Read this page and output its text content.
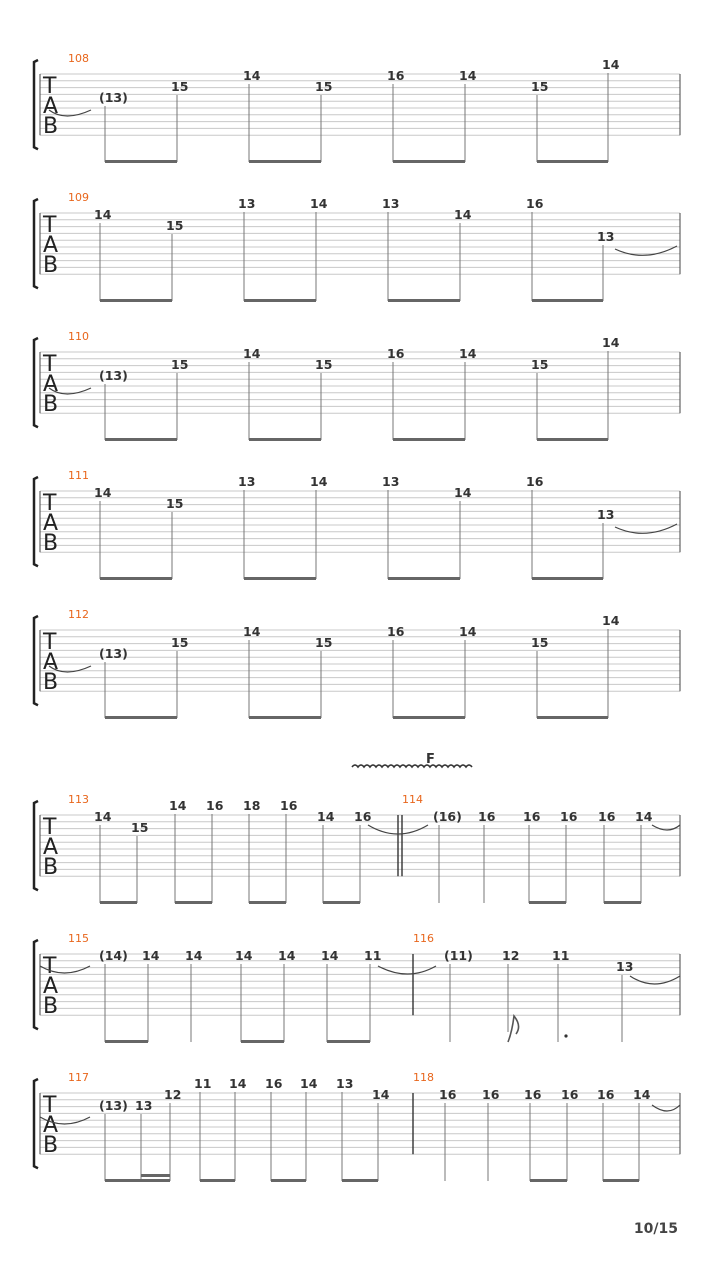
T
A
B
108
(13)
15
14
15
16	14
15
14
T
A
B
109
14
15
13	14	13
14
16
13
T
A
B
110
(13)
15
14
15
16	14
15
14
T
A
B
111
14
15
13	14	13
14
16
13
T
A
B
112
(13)
15
14
15
16	14
15
14
T
A
B
113
14
15
14 16 18 16
14 16
114
(16) 16 16 16 16 14
T
A
B
115
(14) 14 14	14 14 14 11
116
(11) 12	11
13
T
A
B
117
(13) 13
12
11 14 16 14 13
14
118
16 16 16 16 16 14
F
10/15
